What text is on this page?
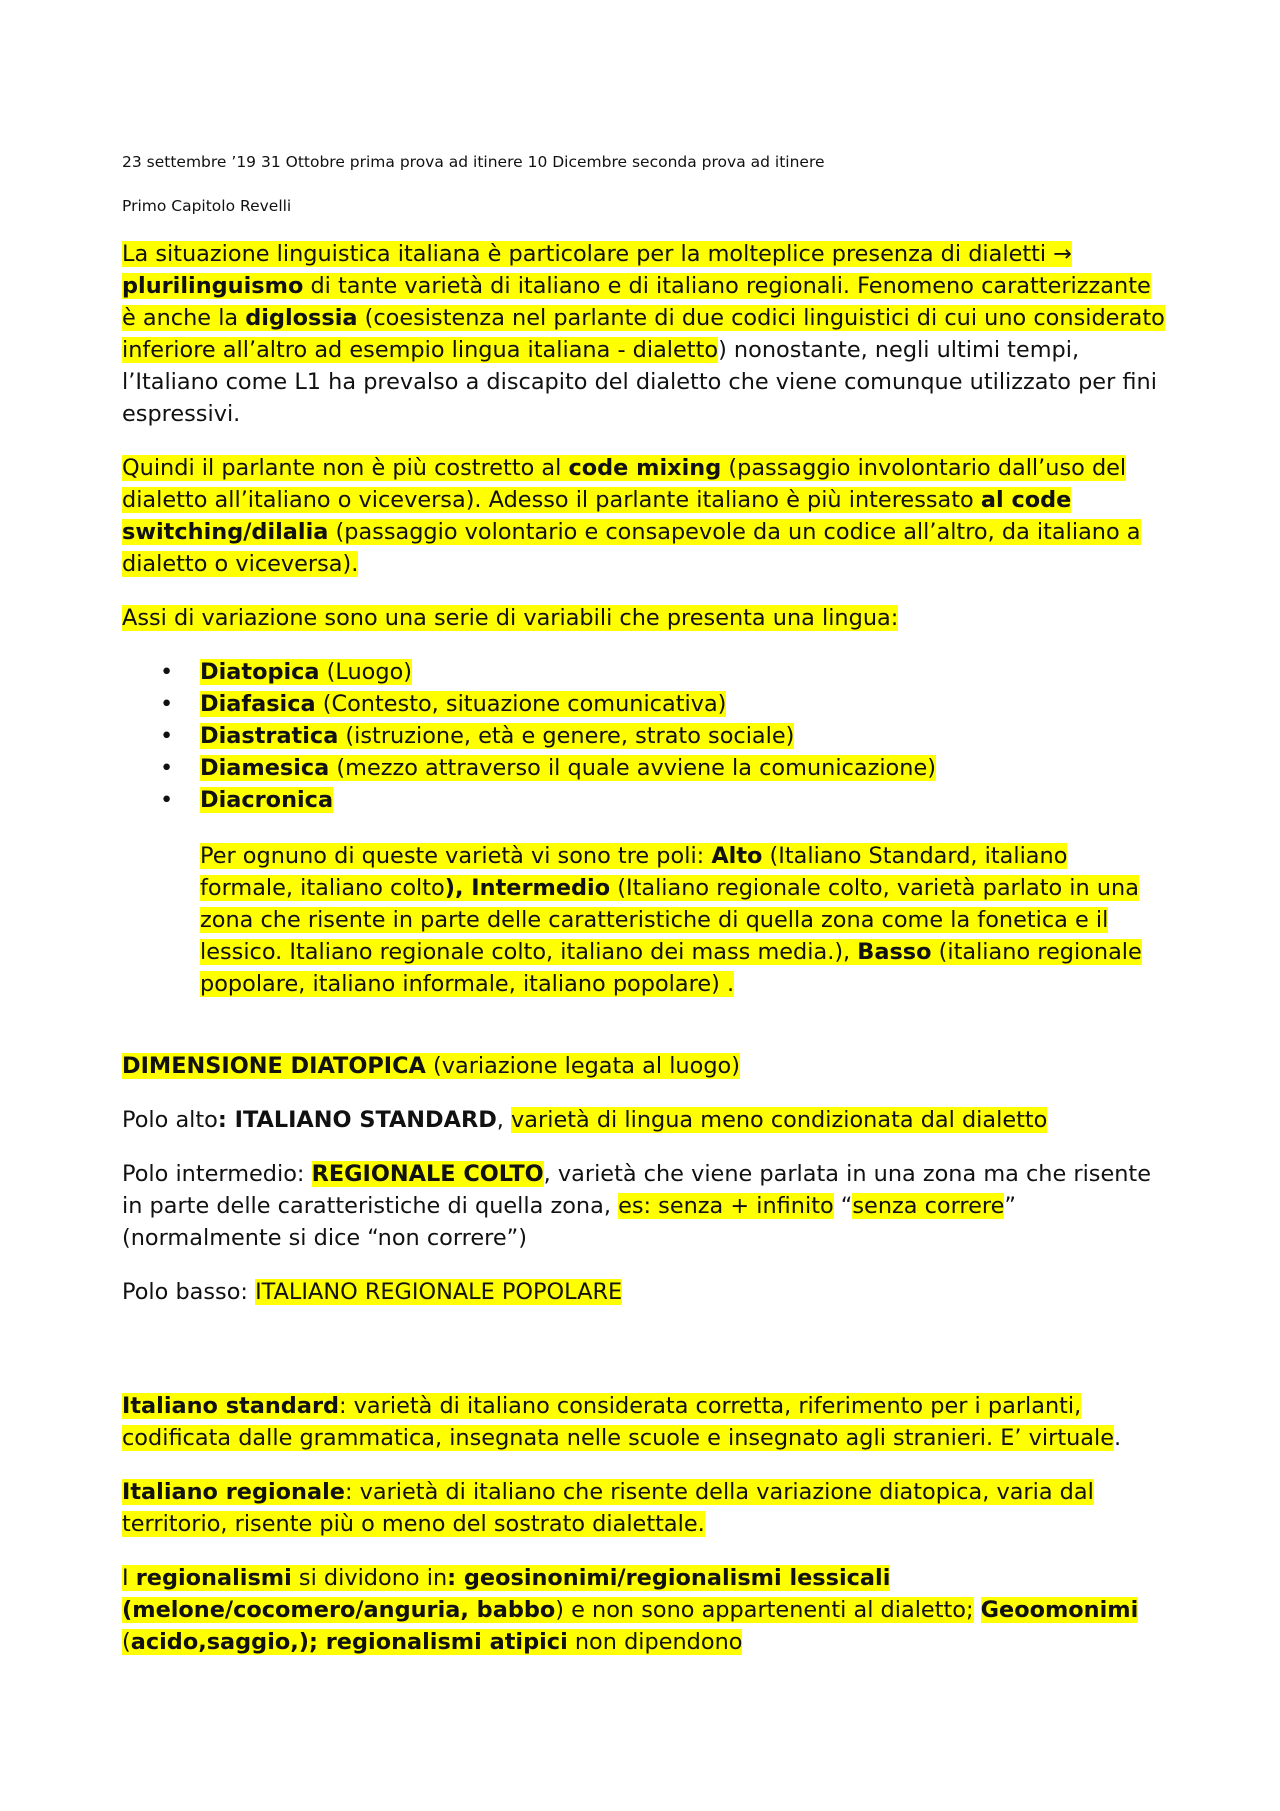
23 settembre ’19 31 Ottobre prima prova ad itinere 10 Dicembre seconda prova ad itinere

Primo Capitolo Revelli

La situazione linguistica italiana è particolare per la molteplice presenza di dialetti → plurilinguismo di tante varietà di italiano e di italiano regionali. Fenomeno caratterizzante è anche la diglossia (coesistenza nel parlante di due codici linguistici di cui uno considerato inferiore all’altro ad esempio lingua italiana - dialetto) nonostante, negli ultimi tempi, l’Italiano come L1 ha prevalso a discapito del dialetto che viene comunque utilizzato per fini espressivi.

Quindi il parlante non è più costretto al code mixing (passaggio involontario dall’uso del dialetto all’italiano o viceversa). Adesso il parlante italiano è più interessato al code switching/dilalia (passaggio volontario e consapevole da un codice all’altro, da italiano a dialetto o viceversa).

Assi di variazione sono una serie di variabili che presenta una lingua:

•	Diatopica (Luogo)
•	Diafasica (Contesto, situazione comunicativa)
•	Diastratica (istruzione, età e genere, strato sociale)
•	Diamesica (mezzo attraverso il quale avviene la comunicazione)
•	Diacronica

Per ognuno di queste varietà vi sono tre poli: Alto (Italiano Standard, italiano formale, italiano colto), Intermedio (Italiano regionale colto, varietà parlato in una zona che risente in parte delle caratteristiche di quella zona come la fonetica e il lessico. Italiano regionale colto, italiano dei mass media.), Basso (italiano regionale popolare, italiano informale, italiano popolare) .

DIMENSIONE DIATOPICA (variazione legata al luogo)

Polo alto: ITALIANO STANDARD, varietà di lingua meno condizionata dal dialetto

Polo intermedio: REGIONALE COLTO, varietà che viene parlata in una zona ma che risente in parte delle caratteristiche di quella zona, es: senza + infinito “senza correre” (normalmente si dice “non correre”)

Polo basso: ITALIANO REGIONALE POPOLARE

Italiano standard: varietà di italiano considerata corretta, riferimento per i parlanti, codificata dalle grammatica, insegnata nelle scuole e insegnato agli stranieri. E’ virtuale.

Italiano regionale: varietà di italiano che risente della variazione diatopica, varia dal territorio, risente più o meno del sostrato dialettale.

I regionalismi si dividono in: geosinonimi/regionalismi lessicali (melone/cocomero/anguria, babbo) e non sono appartenenti al dialetto; Geoomonimi (acido,saggio,); regionalismi atipici non dipendono
